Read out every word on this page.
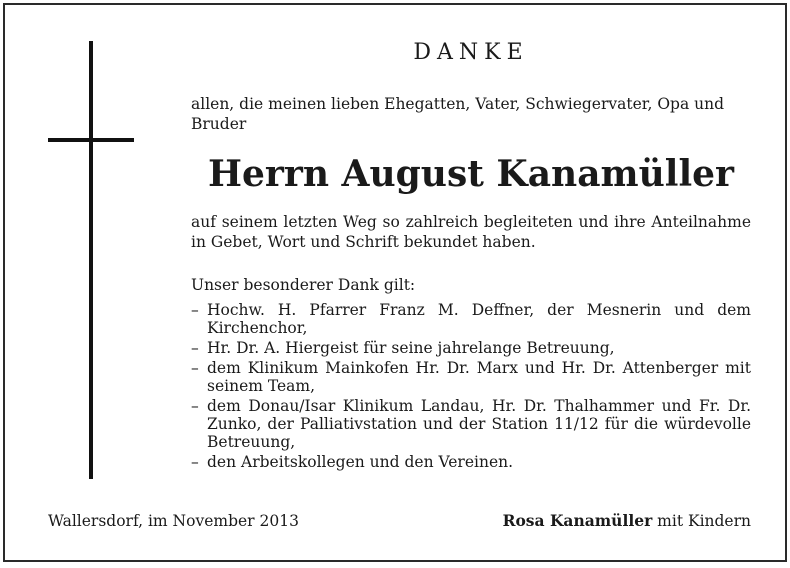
DANKE

allen, die meinen lieben Ehegatten, Vater, Schwiegervater, Opa und Bruder

Herrn August Kanamüller

auf seinem letzten Weg so zahlreich begleiteten und ihre Anteilnahme in Gebet, Wort und Schrift bekundet haben.

Unser besonderer Dank gilt:

– Hochw. H. Pfarrer Franz M. Deffner, der Mesnerin und dem Kirchenchor,
– Hr. Dr. A. Hiergeist für seine jahrelange Betreuung,
– dem Klinikum Mainkofen Hr. Dr. Marx und Hr. Dr. Attenberger mit seinem Team,
– dem Donau/Isar Klinikum Landau, Hr. Dr. Thalhammer und Fr. Dr. Zunko, der Palliativstation und der Station 11/12 für die würdevolle Betreuung,
– den Arbeitskollegen und den Vereinen.
Wallersdorf, im November 2013	Rosa Kanamüller mit Kindern
